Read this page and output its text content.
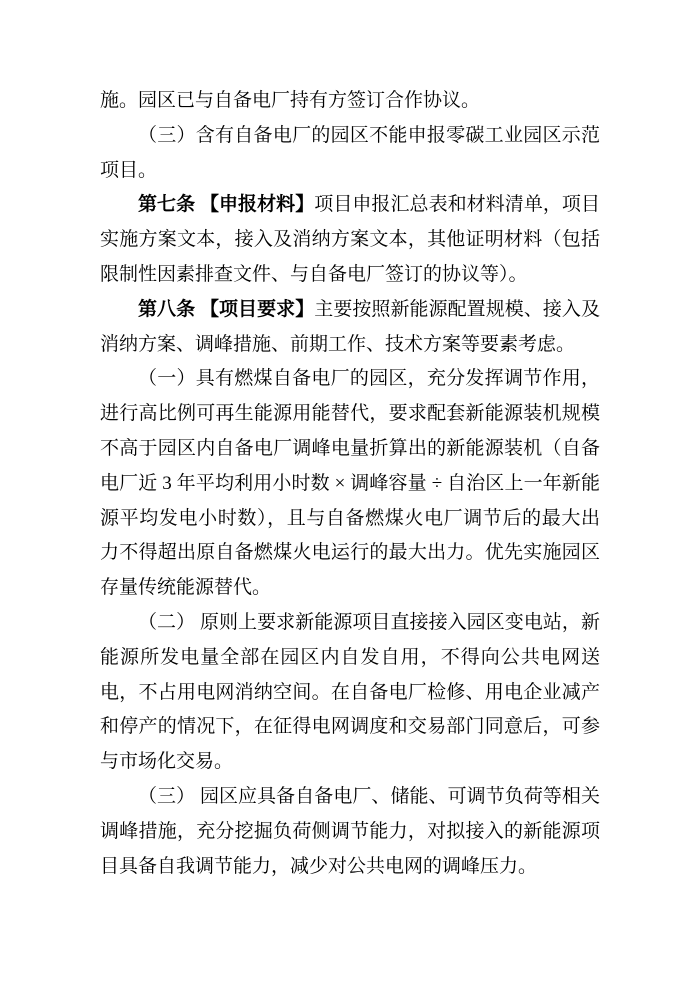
施。园区已与自备电厂持有方签订合作协议。
（三）含有自备电厂的园区不能申报零碳工业园区示范
项目。
第七条 【申报材料】项目申报汇总表和材料清单，项目
实施方案文本，接入及消纳方案文本，其他证明材料（包括
限制性因素排查文件、与自备电厂签订的协议等）。
第八条 【项目要求】主要按照新能源配置规模、接入及
消纳方案、调峰措施、前期工作、技术方案等要素考虑。
（一）具有燃煤自备电厂的园区，充分发挥调节作用，
进行高比例可再生能源用能替代，要求配套新能源装机规模
不高于园区内自备电厂调峰电量折算出的新能源装机（自备
电厂近 3 年平均利用小时数 × 调峰容量 ÷ 自治区上一年新能
源平均发电小时数），且与自备燃煤火电厂调节后的最大出
力不得超出原自备燃煤火电运行的最大出力。优先实施园区
存量传统能源替代。
（二） 原则上要求新能源项目直接接入园区变电站，新
能源所发电量全部在园区内自发自用，不得向公共电网送
电，不占用电网消纳空间。在自备电厂检修、用电企业减产
和停产的情况下，在征得电网调度和交易部门同意后，可参
与市场化交易。
（三） 园区应具备自备电厂、储能、可调节负荷等相关
调峰措施，充分挖掘负荷侧调节能力，对拟接入的新能源项
目具备自我调节能力，减少对公共电网的调峰压力。
